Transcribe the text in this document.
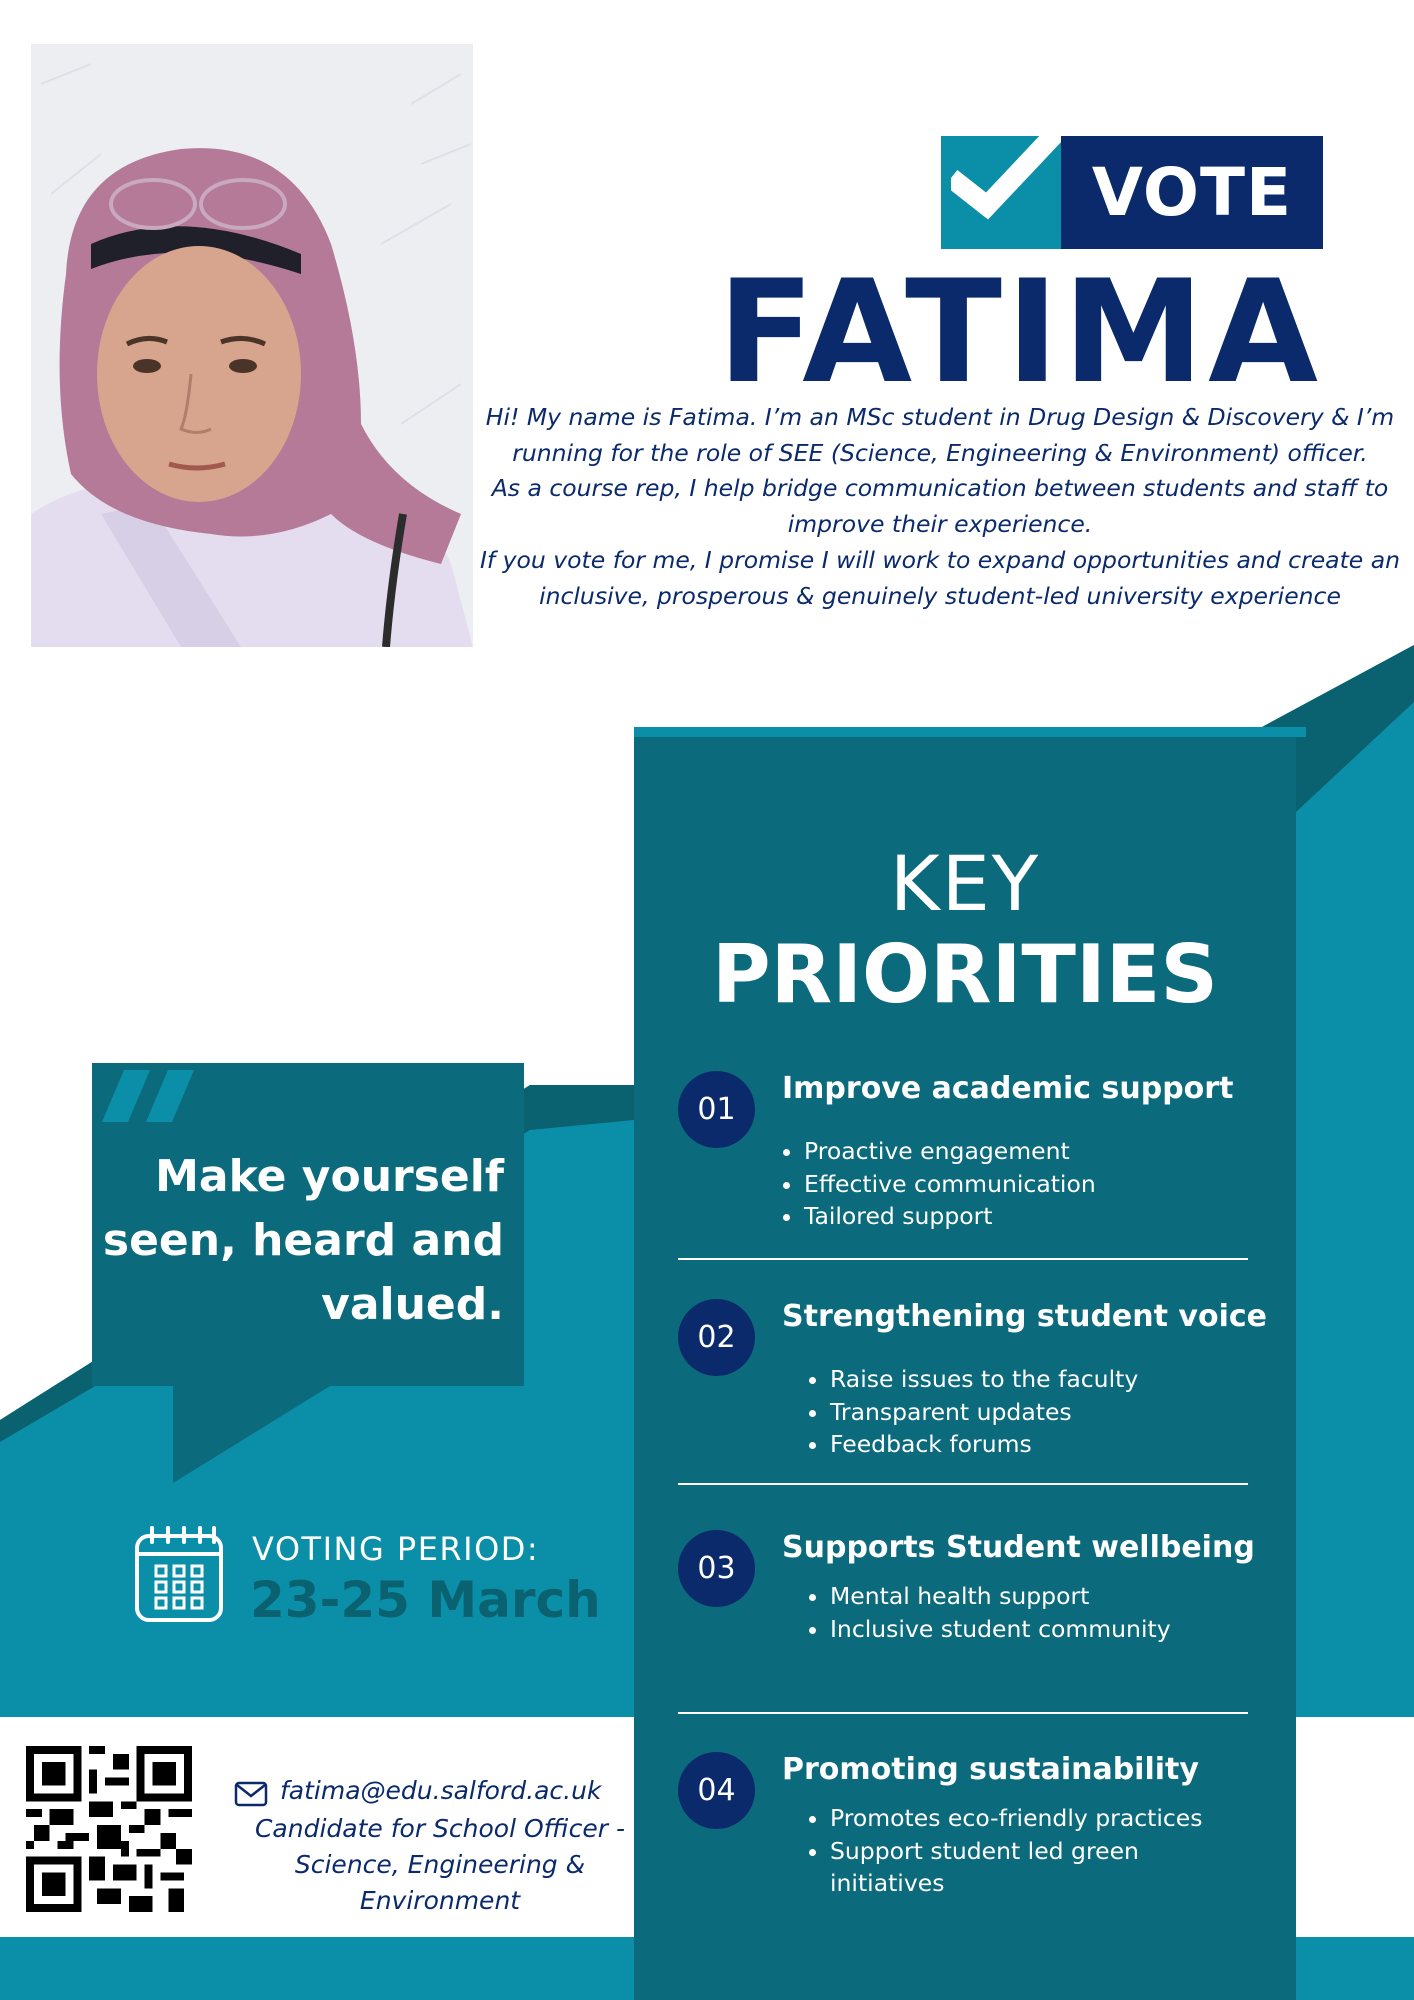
VOTE
FATIMA

Hi! My name is Fatima. I’m an MSc student in Drug Design & Discovery & I’m running for the role of SEE (Science, Engineering & Environment) officer.

As a course rep, I help bridge communication between students and staff to improve their experience.

If you vote for me, I promise I will work to expand opportunities and create an inclusive, prosperous & genuinely student-led university experience

KEY
PRIORITIES
01
Improve academic support
• Proactive engagement
• Effective communication
• Tailored support
02
Strengthening student voice
• Raise issues to the faculty
• Transparent updates
• Feedback forums
03
Supports Student wellbeing
• Mental health support
• Inclusive student community
04
Promoting sustainability
• Promotes eco-friendly practices
• Support student led green initiatives
Make yourself
seen, heard and
valued.
VOTING PERIOD:
23-25 March
fatima@edu.salford.ac.uk
Candidate for School Officer -
Science, Engineering &
Environment
